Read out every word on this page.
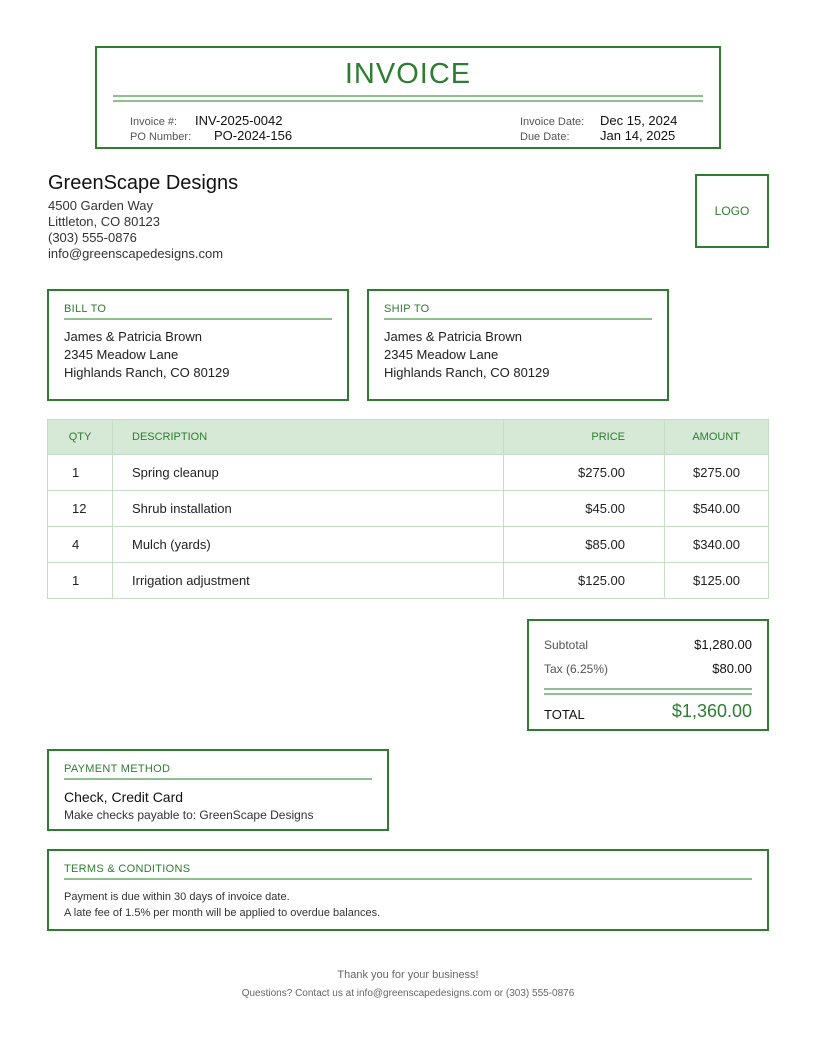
INVOICE
Invoice #: INV-2025-0042
PO Number: PO-2024-156
Invoice Date: Dec 15, 2024
Due Date: Jan 14, 2025
GreenScape Designs
4500 Garden Way
Littleton, CO 80123
(303) 555-0876
info@greenscapedesigns.com
LOGO
BILL TO
James & Patricia Brown
2345 Meadow Lane
Highlands Ranch, CO 80129
SHIP TO
James & Patricia Brown
2345 Meadow Lane
Highlands Ranch, CO 80129
QTY	DESCRIPTION	PRICE	AMOUNT
1	Spring cleanup	$275.00	$275.00
12	Shrub installation	$45.00	$540.00
4	Mulch (yards)	$85.00	$340.00
1	Irrigation adjustment	$125.00	$125.00
Subtotal	$1,280.00
Tax (6.25%)	$80.00
TOTAL	$1,360.00
PAYMENT METHOD
Check, Credit Card
Make checks payable to: GreenScape Designs
TERMS & CONDITIONS
Payment is due within 30 days of invoice date.
A late fee of 1.5% per month will be applied to overdue balances.
Thank you for your business!
Questions? Contact us at info@greenscapedesigns.com or (303) 555-0876
